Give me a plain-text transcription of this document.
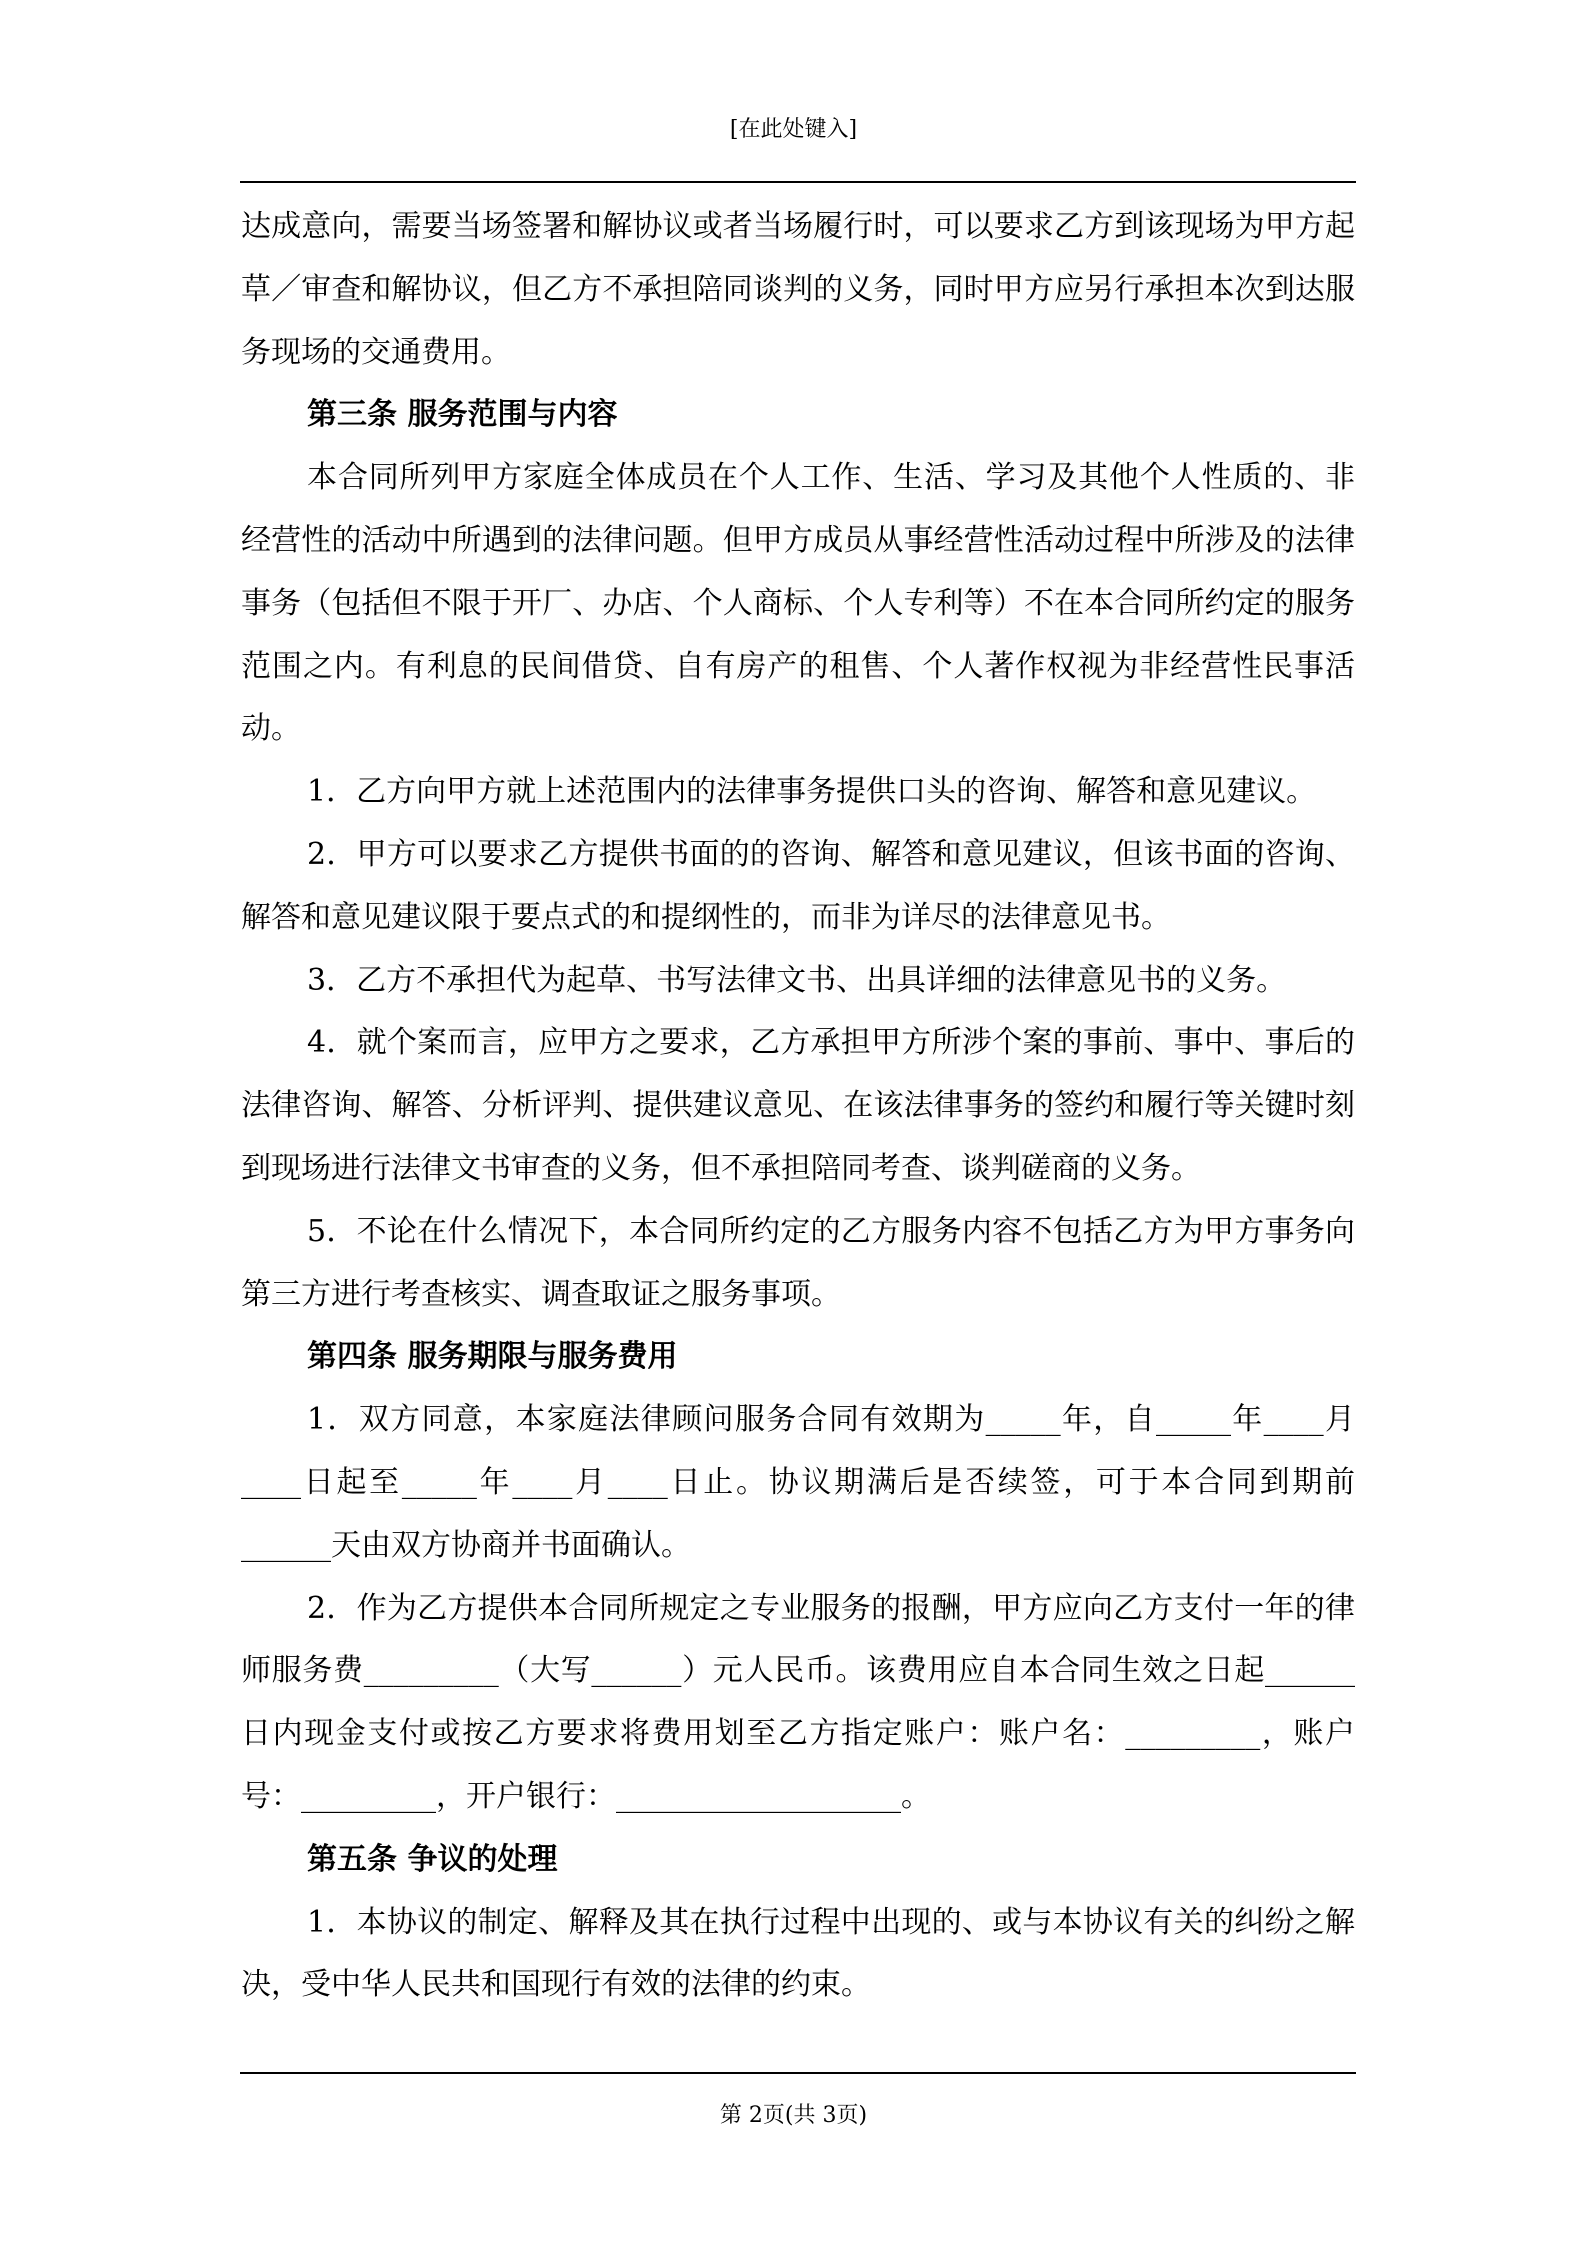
[在此处键入]

达成意向，需要当场签署和解协议或者当场履行时，可以要求乙方到该现场为甲方起草／审查和解协议，但乙方不承担陪同谈判的义务，同时甲方应另行承担本次到达服务现场的交通费用。

第三条 服务范围与内容

本合同所列甲方家庭全体成员在个人工作、生活、学习及其他个人性质的、非经营性的活动中所遇到的法律问题。但甲方成员从事经营性活动过程中所涉及的法律事务（包括但不限于开厂、办店、个人商标、个人专利等）不在本合同所约定的服务范围之内。有利息的民间借贷、自有房产的租售、个人著作权视为非经营性民事活动。

1．乙方向甲方就上述范围内的法律事务提供口头的咨询、解答和意见建议。

2．甲方可以要求乙方提供书面的的咨询、解答和意见建议，但该书面的咨询、解答和意见建议限于要点式的和提纲性的，而非为详尽的法律意见书。

3．乙方不承担代为起草、书写法律文书、出具详细的法律意见书的义务。

4．就个案而言，应甲方之要求，乙方承担甲方所涉个案的事前、事中、事后的法律咨询、解答、分析评判、提供建议意见、在该法律事务的签约和履行等关键时刻到现场进行法律文书审查的义务，但不承担陪同考查、谈判磋商的义务。

5．不论在什么情况下，本合同所约定的乙方服务内容不包括乙方为甲方事务向第三方进行考查核实、调查取证之服务事项。

第四条 服务期限与服务费用

1．双方同意，本家庭法律顾问服务合同有效期为_____年，自_____年____月____日起至_____年____月____日止。协议期满后是否续签，可于本合同到期前______天由双方协商并书面确认。

2．作为乙方提供本合同所规定之专业服务的报酬，甲方应向乙方支付一年的律师服务费_________（大写______）元人民币。该费用应自本合同生效之日起______日内现金支付或按乙方要求将费用划至乙方指定账户：账户名：_________，账户号：_________，开户银行：___________________。

第五条 争议的处理

1．本协议的制定、解释及其在执行过程中出现的、或与本协议有关的纠纷之解决，受中华人民共和国现行有效的法律的约束。

第 2页(共 3页)
